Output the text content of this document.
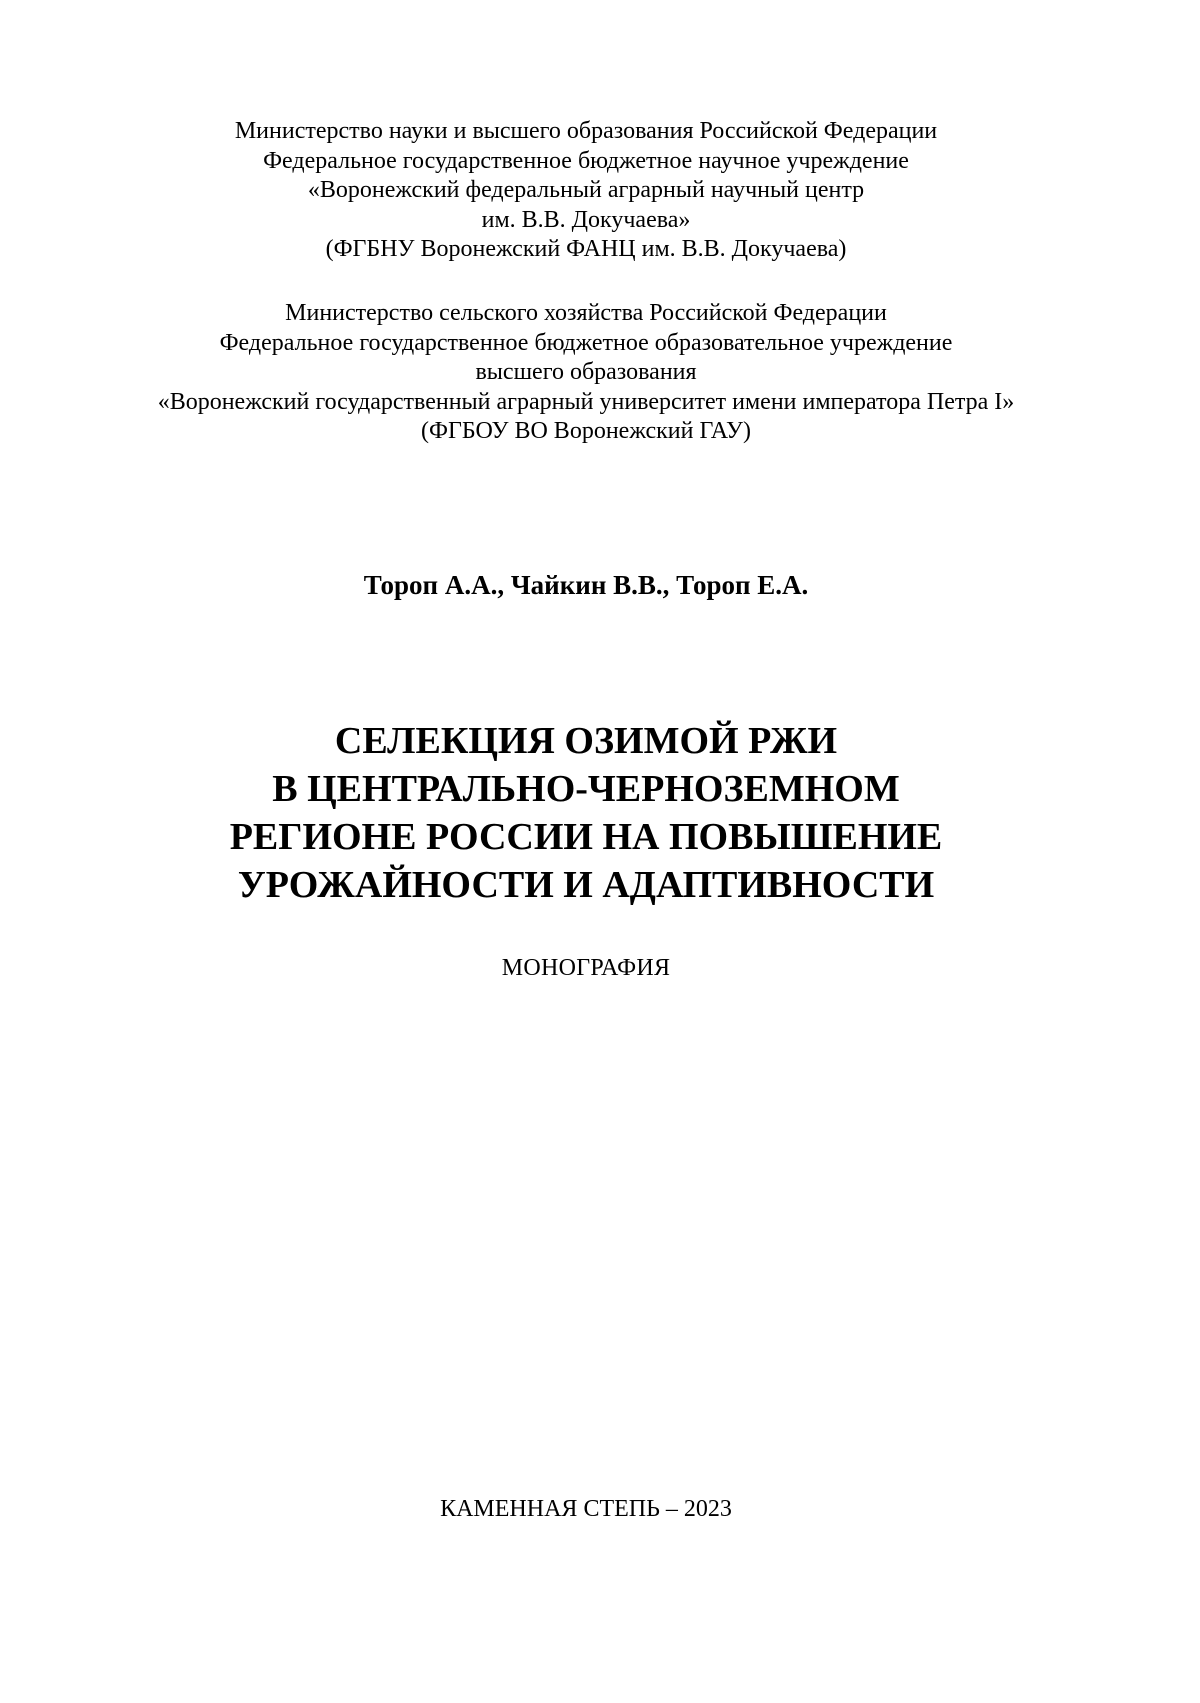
Министерство науки и высшего образования Российской Федерации
Федеральное государственное бюджетное научное учреждение
«Воронежский федеральный аграрный научный центр
им. В.В. Докучаева»
(ФГБНУ Воронежский ФАНЦ им. В.В. Докучаева)
Министерство сельского хозяйства Российской Федерации
Федеральное государственное бюджетное образовательное учреждение
высшего образования
«Воронежский государственный аграрный университет имени императора Петра I»
(ФГБОУ ВО Воронежский ГАУ)
Тороп А.А., Чайкин В.В., Тороп Е.А.
СЕЛЕКЦИЯ ОЗИМОЙ РЖИ
В ЦЕНТРАЛЬНО-ЧЕРНОЗЕМНОМ
РЕГИОНЕ РОССИИ НА ПОВЫШЕНИЕ
УРОЖАЙНОСТИ И АДАПТИВНОСТИ
МОНОГРАФИЯ
КАМЕННАЯ СТЕПЬ – 2023
